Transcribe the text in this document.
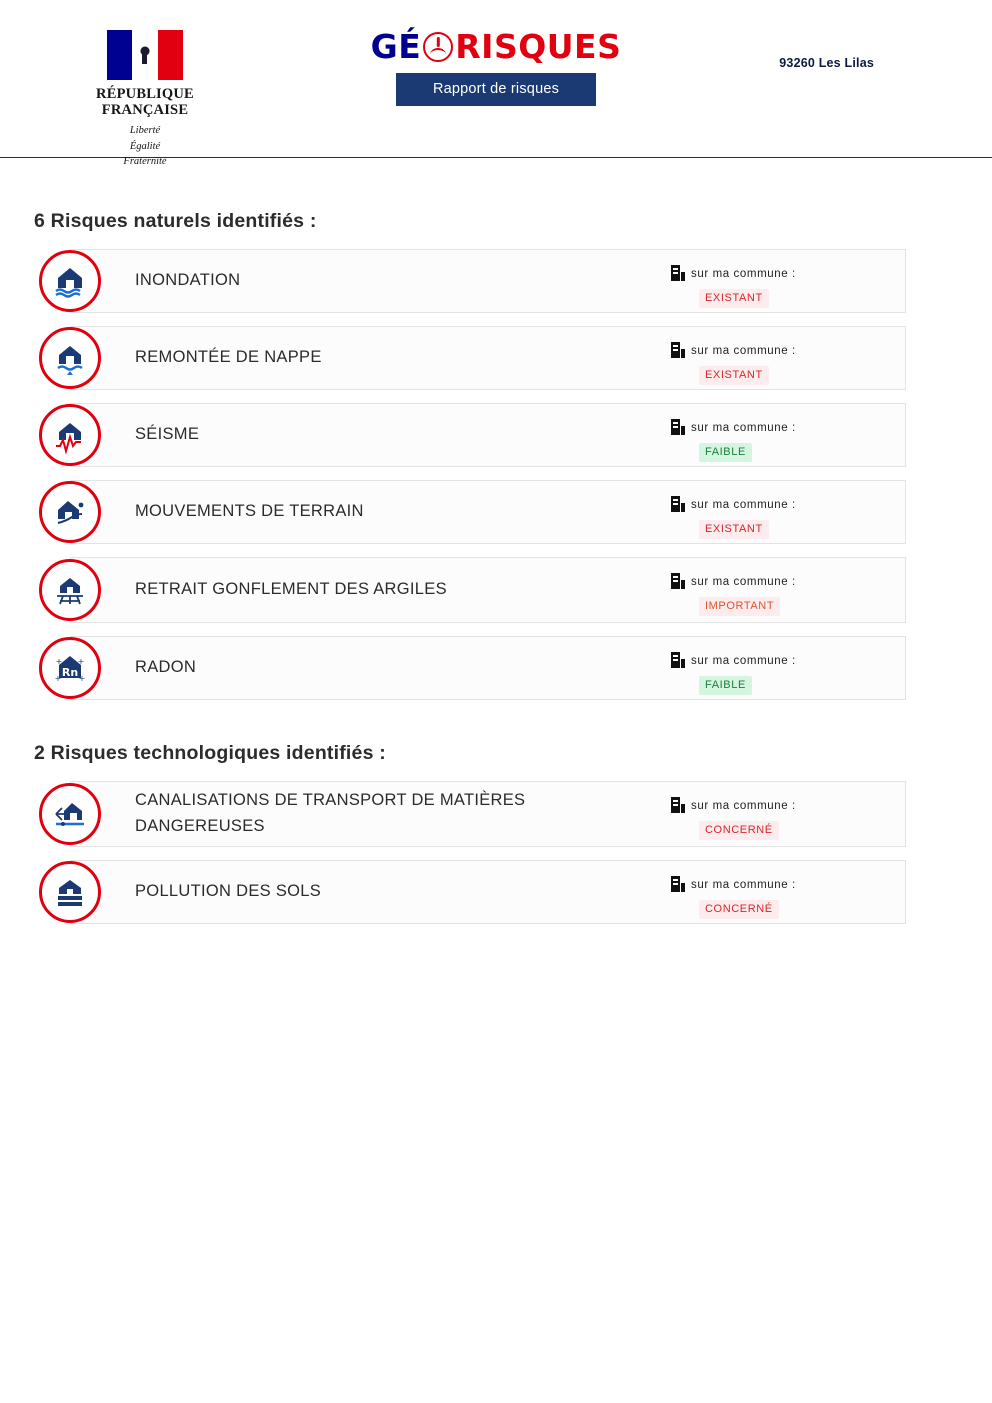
RÉPUBLIQUE FRANÇAISE
Liberté
Égalité
Fraternité
GÉ RISQUES
Rapport de risques
93260 Les Lilas
6 Risques naturels identifiés :
INONDATION	sur ma commune :
EXISTANT
REMONTÉE DE NAPPE	sur ma commune :
EXISTANT
SÉISME	sur ma commune :
FAIBLE
MOUVEMENTS DE TERRAIN	sur ma commune :
EXISTANT
RETRAIT GONFLEMENT DES ARGILES	sur ma commune :
IMPORTANT
Rn
+ +
+ +
RADON	sur ma commune :
FAIBLE
2 Risques technologiques identifiés :
CANALISATIONS DE TRANSPORT DE MATIÈRES DANGEREUSES
sur ma commune :
CONCERNÉ
POLLUTION DES SOLS	sur ma commune :
CONCERNÉ
